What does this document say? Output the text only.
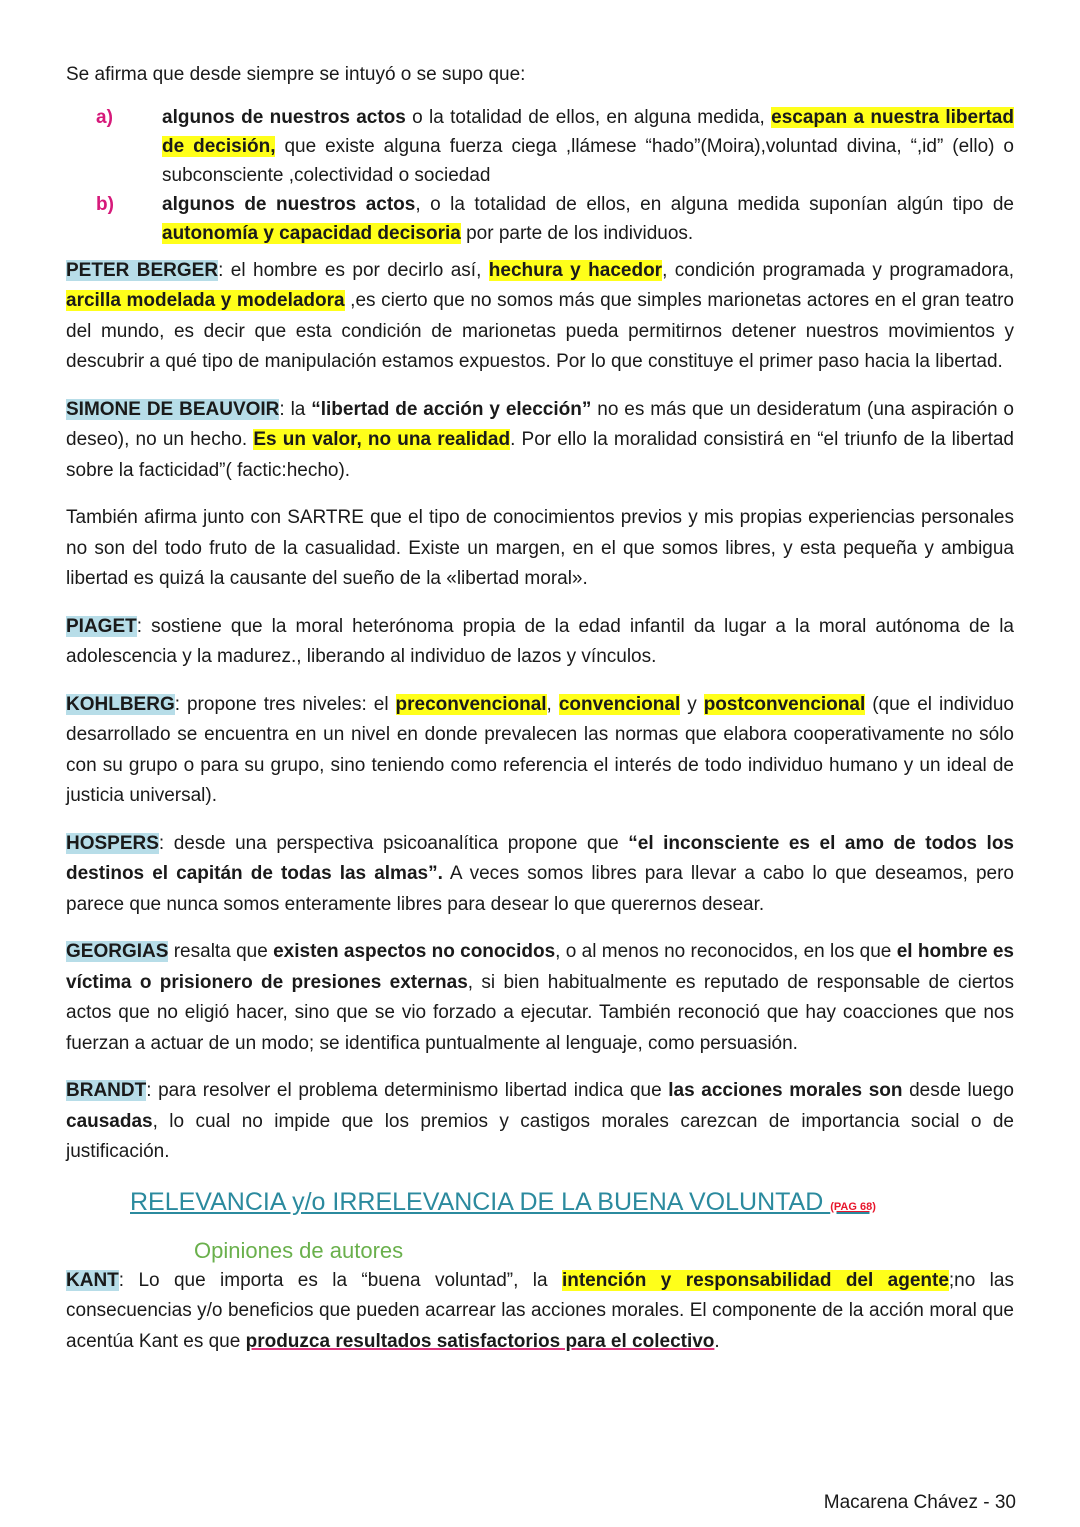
Se afirma que desde siempre se intuyó o se supo que:

a)	algunos de nuestros actos o la totalidad de ellos, en alguna medida, escapan a nuestra libertad de decisión, que existe alguna fuerza ciega ,llámese “hado”(Moira),voluntad divina, “,id” (ello) o subconsciente ,colectividad o sociedad
b)	algunos de nuestros actos, o la totalidad de ellos, en alguna medida suponían algún tipo de autonomía y capacidad decisoria por parte de los individuos.

PETER BERGER: el hombre es por decirlo así, hechura y hacedor, condición programada y programadora, arcilla modelada y modeladora ,es cierto que no somos más que simples marionetas actores en el gran teatro del mundo, es decir que esta condición de marionetas pueda permitirnos detener nuestros movimientos y descubrir a qué tipo de manipulación estamos expuestos. Por lo que constituye el primer paso hacia la libertad.

SIMONE DE BEAUVOIR: la “libertad de acción y elección” no es más que un desideratum (una aspiración o deseo), no un hecho. Es un valor, no una realidad. Por ello la moralidad consistirá en “el triunfo de la libertad sobre la facticidad”( factic:hecho).

También afirma junto con SARTRE que el tipo de conocimientos previos y mis propias experiencias personales no son del todo fruto de la casualidad. Existe un margen, en el que somos libres, y esta pequeña y ambigua libertad es quizá la causante del sueño de la «libertad moral».

PIAGET: sostiene que la moral heterónoma propia de la edad infantil da lugar a la moral autónoma de la adolescencia y la madurez., liberando al individuo de lazos y vínculos.

KOHLBERG: propone tres niveles: el preconvencional, convencional y postconvencional (que el individuo desarrollado se encuentra en un nivel en donde prevalecen las normas que elabora cooperativamente no sólo con su grupo o para su grupo, sino teniendo como referencia el interés de todo individuo humano y un ideal de justicia universal).

HOSPERS: desde una perspectiva psicoanalítica propone que “el inconsciente es el amo de todos los destinos el capitán de todas las almas”. A veces somos libres para llevar a cabo lo que deseamos, pero parece que nunca somos enteramente libres para desear lo que querernos desear.

GEORGIAS resalta que existen aspectos no conocidos, o al menos no reconocidos, en los que el hombre es víctima o prisionero de presiones externas, si bien habitualmente es reputado de responsable de ciertos actos que no eligió hacer, sino que se vio forzado a ejecutar. También reconoció que hay coacciones que nos fuerzan a actuar de un modo; se identifica puntualmente al lenguaje, como persuasión.

BRANDT: para resolver el problema determinismo libertad indica que las acciones morales son desde luego causadas, lo cual no impide que los premios y castigos morales carezcan de importancia social o de justificación.

RELEVANCIA y/o IRRELEVANCIA DE LA BUENA VOLUNTAD (PAG 68)
Opiniones de autores

KANT: Lo que importa es la “buena voluntad”, la intención y responsabilidad del agente;no las consecuencias y/o beneficios que pueden acarrear las acciones morales. El componente de la acción moral que acentúa Kant es que produzca resultados satisfactorios para el colectivo.

Macarena Chávez - 30
